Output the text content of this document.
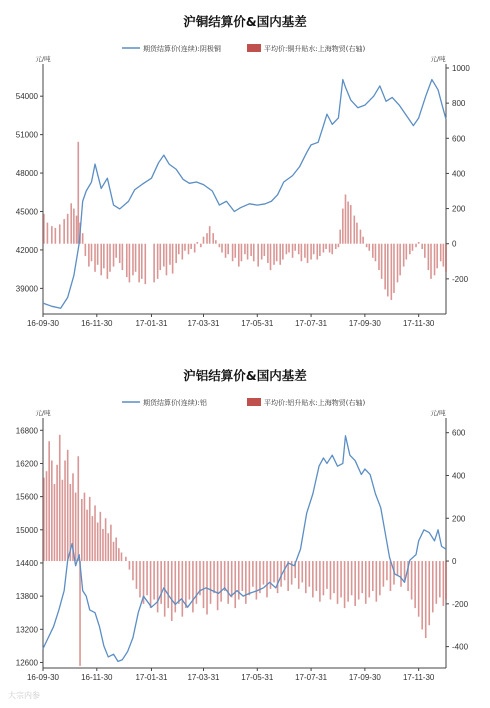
沪铜结算价&国内基差
期货结算价(连续):阴极铜	平均价:铜升贴水:上海物贸(右轴)
元/吨	元/吨
39000
42000
45000
48000
51000
54000
-200
0
200
400
600
800
1000
16-09-30	16-11-30	17-01-31 17-03-31	17-05-31	17-07-31	17-09-30	17-11-30
沪铝结算价&国内基差
期货结算价(连续):铝	平均价:铝升贴水:上海物贸(右轴)
元/吨	元/吨
12600
13200
13800
14400
15000
15600
16200
16800
-400
-200
0
200
400
600
16-09-30	16-11-30	17-01-31 17-03-31	17-05-31	17-07-31	17-09-30	17-11-30
大宗内参
